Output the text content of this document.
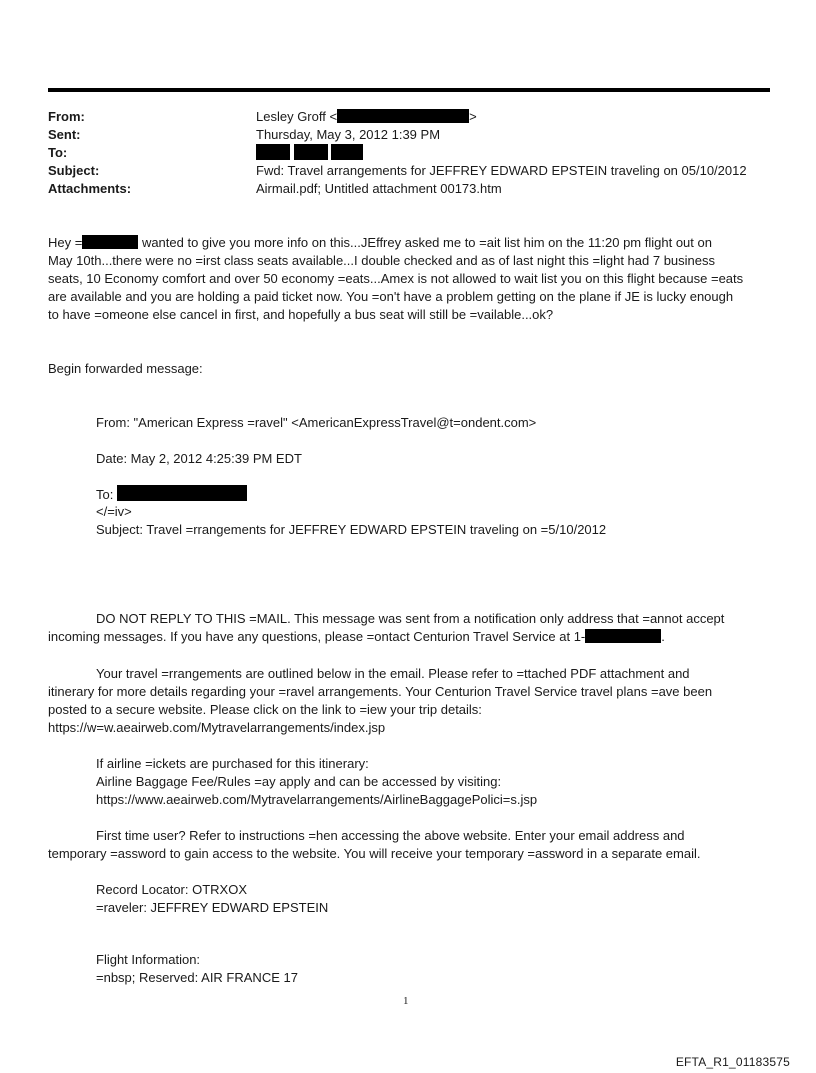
From:	Lesley Groff <	>
Sent:	Thursday, May 3, 2012 1:39 PM
To:

Subject:	Fwd: Travel arrangements for JEFFREY EDWARD EPSTEIN traveling on 05/10/2012
Attachments:	Airmail.pdf; Untitled attachment 00173.htm
Hey =	wanted to give you more info on this...JEffrey asked me to =ait list him on the 11:20 pm flight out on
May 10th...there were no =irst class seats available...I double checked and as of last night this =light had 7 business
seats, 10 Economy comfort and over 50 economy =eats...Amex is not allowed to wait list you on this flight because =eats
are available and you are holding a paid ticket now. You =on't have a problem getting on the plane if JE is lucky enough
to have =omeone else cancel in first, and hopefully a bus seat will still be =vailable...ok?
Begin forwarded message:
From: "American Express =ravel" <AmericanExpressTravel@t=ondent.com>
Date: May 2, 2012 4:25:39 PM EDT
To:
</=iv>
Subject: Travel =rrangements for JEFFREY EDWARD EPSTEIN traveling on =5/10/2012
DO NOT REPLY TO THIS =MAIL. This message was sent from a notification only address that =annot accept
incoming messages. If you have any questions, please =ontact Centurion Travel Service at 1-	.
Your travel =rrangements are outlined below in the email. Please refer to =ttached PDF attachment and
itinerary for more details regarding your =ravel arrangements. Your Centurion Travel Service travel plans =ave been
posted to a secure website. Please click on the link to =iew your trip details:
https://w=w.aeairweb.com/Mytravelarrangements/index.jsp
If airline =ickets are purchased for this itinerary:
Airline Baggage Fee/Rules =ay apply and can be accessed by visiting:
https://www.aeairweb.com/Mytravelarrangements/AirlineBaggagePolici=s.jsp
First time user? Refer to instructions =hen accessing the above website. Enter your email address and
temporary =assword to gain access to the website. You will receive your temporary =assword in a separate email.
Record Locator: OTRXOX
=raveler: JEFFREY EDWARD EPSTEIN
Flight Information:
=nbsp; Reserved: AIR FRANCE 17
1
EFTA_R1_01183575
